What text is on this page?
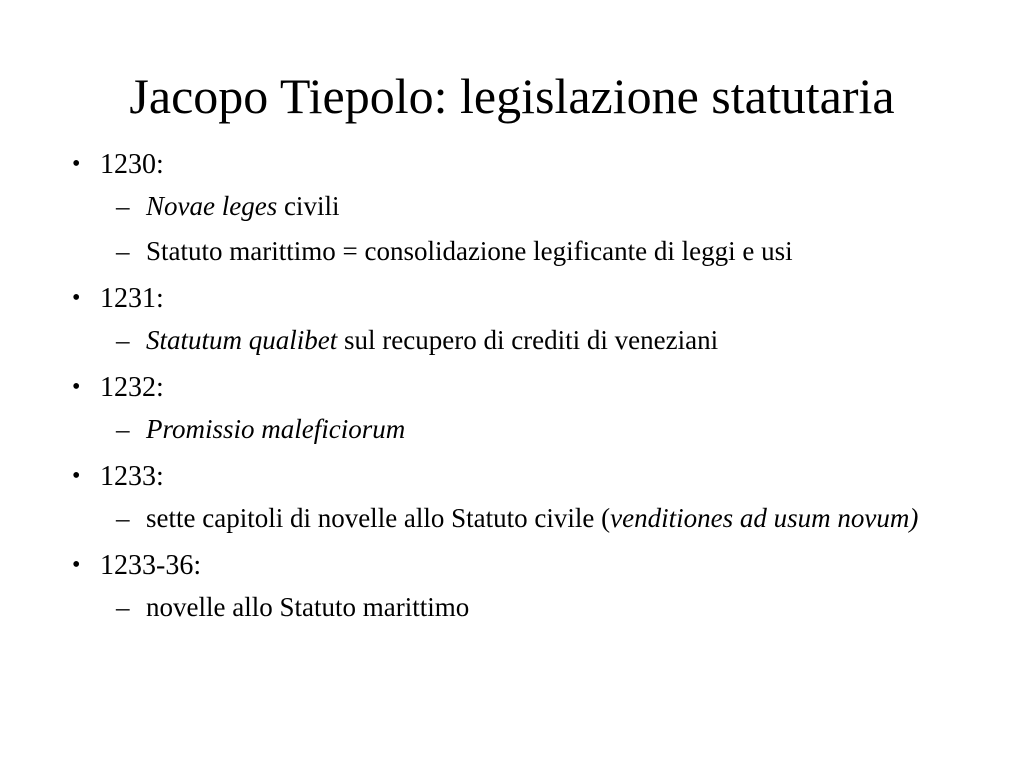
Jacopo Tiepolo: legislazione statutaria
• 1230:
– Novae leges civili
– Statuto marittimo = consolidazione legificante di leggi e usi
• 1231:
– Statutum qualibet sul recupero di crediti di veneziani
• 1232:
– Promissio maleficiorum
• 1233:
– sette capitoli di novelle allo Statuto civile (venditiones ad usum novum)
• 1233-36:
– novelle allo Statuto marittimo
